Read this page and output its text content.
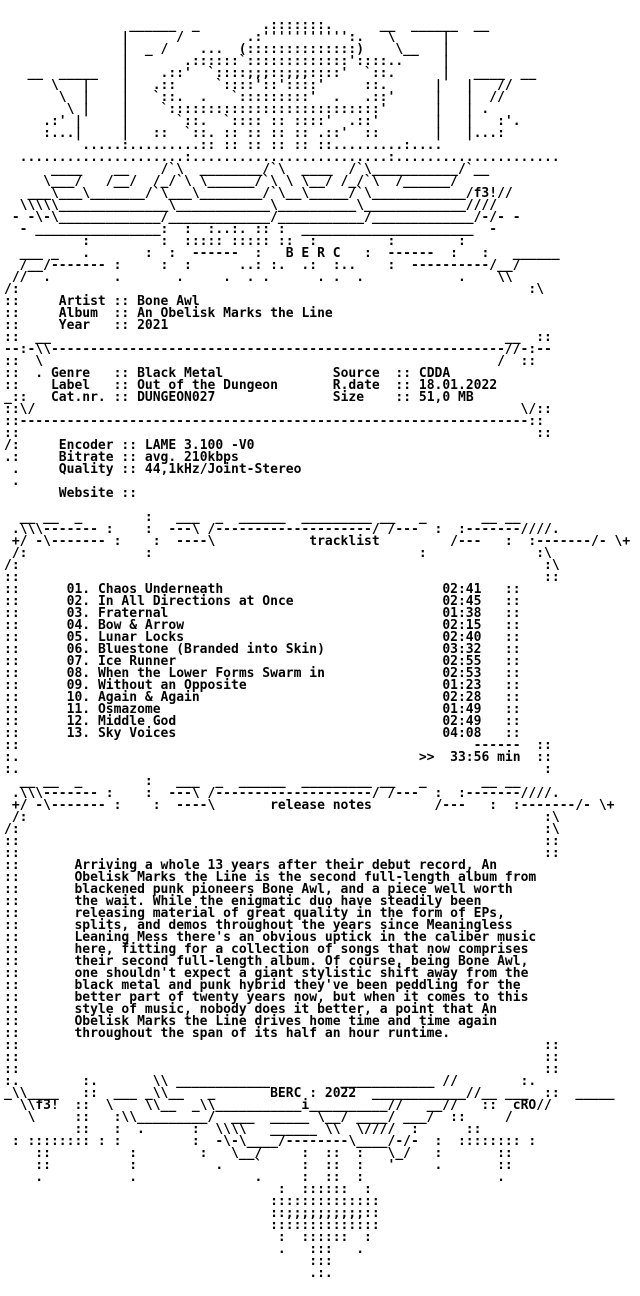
______  _        .:::::::.      __  ______  __
|      /        .:''''''''''':.   \      |
|  _ /    ...  (::::::::::::::)    \__   |
|       .::::::`:::::::::::::'::::..     |
__  _____   |    .::'  `::::;;;::;;;::::'  `::.      |   ____  __
\   |    |   .::     `::::'::'::::'     ::.      |   |   //
\  |    |   `::.  .   `:::::::::'  .   .::'     |   |  //
\ |    |    `:::::::::::::::::::::::::::'      |   | .
.:' |     |      `::.  `:::: :: ::::'  .::'       |   |   :'.
:...|     |   ::  `::. :: :: :: :: .::'  ::       |   |...:
.....:.........:: :: :: :: :: ::.........:....
.....................:.........................:.....................
____    __    /`\  ________/`\  ____  /`\___________/`__
\___/   /__/  /_/`\ \______/`\ \ \__/ /_/`\  /______/
___\___\_______/`\___\________/`\__\_____/`\____________/f3!//
\\\\\______________\____________\__________\_____________////
- -\-\_____________/_____________/___________/_____________/-/- -
- ________________:  :  :..:. :: :  ______________________  -
:         :  ::::: ::::: ::  :         :        :
___ _   .       :  :  ------  :   B E R C   :  ------  :   :   ______
/__/------- :     :  :      ..: :.  .:  :..    :  ----------/__/
//  .        .       .     .  . .      . .  .            .    \\
/:                                                                 :\
::     Artist :: Bone Awl
::     Album  :: An Obelisk Marks the Line
::     Year   :: 2021
::  __                                                          __  ::
--:-\\----------------------------------------------------------//-:--
::  \                                                          /  ::
::  . Genre   :: Black Metal	Source  :: CDDA
::    Label   :: Out of the Dungeon	R.date  :: 18.01.2022
_::   Cat.nr. :: DUNGEON027	Size    :: 51,0 MB
::\/                                                              \/::
::-----------------------------------------------------------------::
::                                                                  ::
/:     Encoder :: LAME 3.100 -V0
.:     Bitrate :: avg. 210kbps
.     Quality :: 44,1kHz/Joint-Stereo
.
Website ::
__ __  _        :   ___  _  ______  _________ __   _       __ __
.\\\------- :    :  ---\ /--------------------/ /---  :  :-------////.
+/ -\------- :    :  ----\            tracklist         /---   :  :-------/- \+
/:               :                                  :              :\
/:                                                                   :\
::                                                                   ::
::      01. Chaos Underneath                            02:41   ::
::      02. In All Directions at Once                   02:45   ::
::      03. Fraternal                                   01:38   ::
::      04. Bow & Arrow                                 02:15   ::
::      05. Lunar Locks                                 02:40   ::
::      06. Bluestone (Branded into Skin)               03:32   ::
::      07. Ice Runner                                  02:55   ::
::      08. When the Lower Forms Swarm in               02:53   ::
::      09. Without an Opposite                         01:23   ::
::      10. Again & Again                               02:28   ::
::      11. Osmazome                                    01:49   ::
::      12. Middle God                                  02:49   ::
::      13. Sky Voices                                  04:08   ::
::                                                          ------  ::
:.                                                   >> 33:56 min  ::
:.                                                                   :
__ __  _        :   ___  _  ______  _________ __   _       __ __
.\\\------- :    :  ---\ /--------------------/ /---  :  :-------////.
+/ -\------- :    :  ----\       release notes        /---   :  :-------/- \+
/:                                                                  :\
/:                                                                   :\
::                                                                   ::
::                                                                   ::
::       Arriving a whole 13 years after their debut record, An
::       Obelisk Marks the Line is the second full-length album from
::       blackened punk pioneers Bone Awl, and a piece well worth
::       the wait. While the enigmatic duo have steadily been
::       releasing material of great quality in the form of EPs,
::       splits, and demos throughout the years since Meaningless
::       Leaning Mess there's an obvious uptick in the caliber music
::       here, fitting for a collection of songs that now comprises
::       their second full-length album. Of course, being Bone Awl,
::       one shouldn't expect a giant stylistic shift away from the
::       black metal and punk hybrid they've been peddling for the
::       better part of twenty years now, but when it comes to this
::       style of music, nobody does it better, a point that An
::       Obelisk Marks the Line drives home time and time again
::       throughout the span of its half an hour runtime.
::                                                                   ::
::                                                                   ::
::                                                                   ::
:.        :.       \\ ____________         ____________ //        :.
_\\____   ::  ___ _\\__   _       BERC : 2022  ____________//__ ___  ::  _____
\\f3!  ::  \    \\__  _\\___________i__________//   __//   ::  cRO//
\     ::   :\\_________/  ___  _____ \__/ ____/ ___/  ::     /
::   :  .      :  \\\\   ______ \\  \////  :      ::
: :::::::: : :         :  -\-\____/--------\____/-/-  :  :::::::: :
::          :        :   \__/     :  ::  :   \_/   :       ::
::          :          .    `     :  ::  :   '     .       ::
.           .               .     :  ::  :                 .
:  ::::::  :
::::::::::::::
::;;;;;;;;;;::
::::::::::::::
:  ::::::  :
.   :::   .
:::
.:.
